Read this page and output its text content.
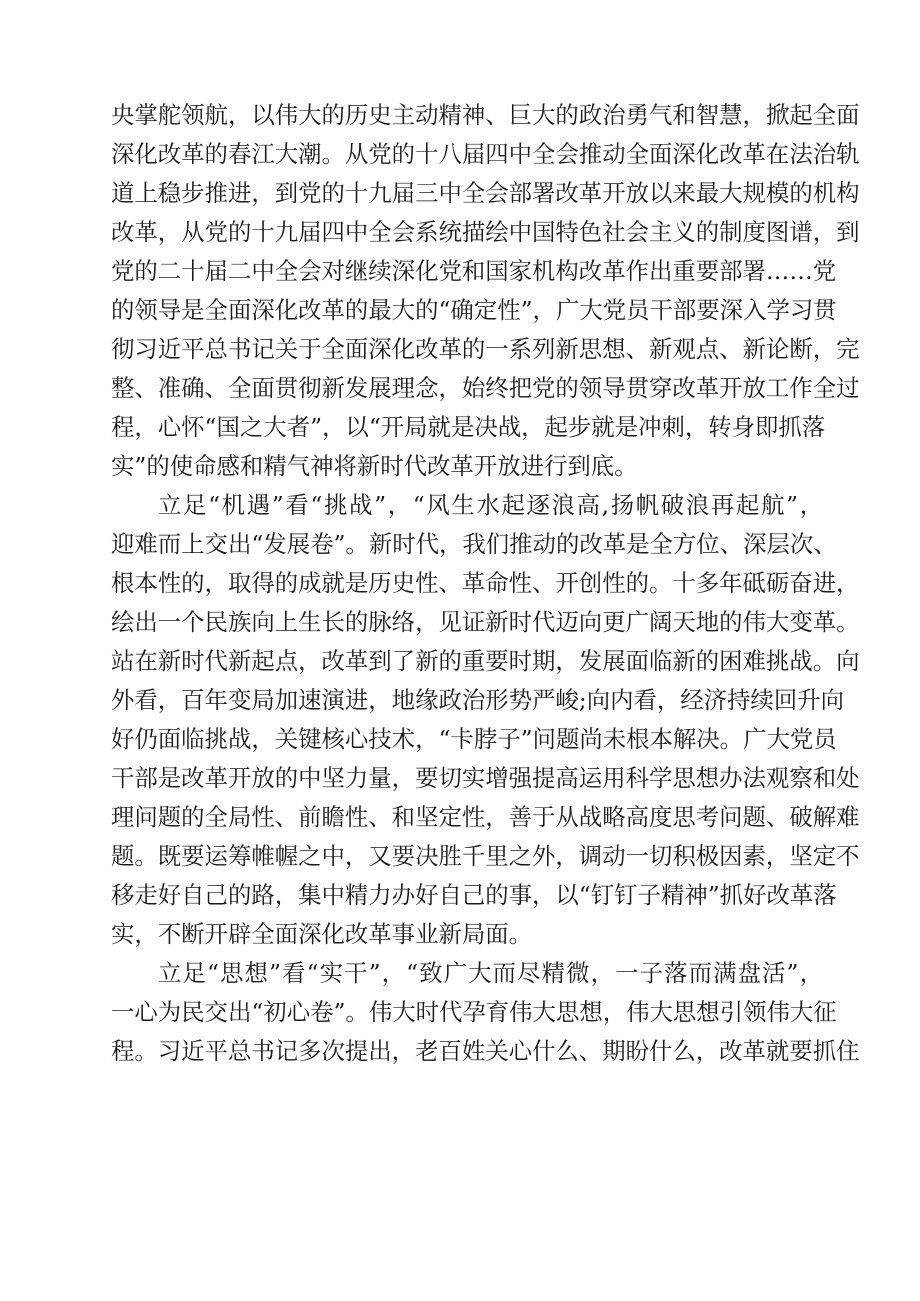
央掌舵领航，以伟大的历史主动精神、巨大的政治勇气和智慧，掀起全面
深化改革的春江大潮。从党的十八届四中全会推动全面深化改革在法治轨
道上稳步推进，到党的十九届三中全会部署改革开放以来最大规模的机构
改革，从党的十九届四中全会系统描绘中国特色社会主义的制度图谱，到
党的二十届二中全会对继续深化党和国家机构改革作出重要部署……党
的领导是全面深化改革的最大的“确定性”，广大党员干部要深入学习贯
彻习近平总书记关于全面深化改革的一系列新思想、新观点、新论断，完
整、准确、全面贯彻新发展理念，始终把党的领导贯穿改革开放工作全过
程，心怀“国之大者”，以“开局就是决战，起步就是冲刺，转身即抓落
实”的使命感和精气神将新时代改革开放进行到底。
立足“机遇”看“挑战”，“风生水起逐浪高,扬帆破浪再起航”，
迎难而上交出“发展卷”。新时代，我们推动的改革是全方位、深层次、
根本性的，取得的成就是历史性、革命性、开创性的。十多年砥砺奋进，
绘出一个民族向上生长的脉络，见证新时代迈向更广阔天地的伟大变革。
站在新时代新起点，改革到了新的重要时期，发展面临新的困难挑战。向
外看，百年变局加速演进，地缘政治形势严峻;向内看，经济持续回升向
好仍面临挑战，关键核心技术，“卡脖子”问题尚未根本解决。广大党员
干部是改革开放的中坚力量，要切实增强提高运用科学思想办法观察和处
理问题的全局性、前瞻性、和坚定性，善于从战略高度思考问题、破解难
题。既要运筹帷幄之中，又要决胜千里之外，调动一切积极因素，坚定不
移走好自己的路，集中精力办好自己的事，以“钉钉子精神”抓好改革落
实，不断开辟全面深化改革事业新局面。
立足“思想”看“实干”，“致广大而尽精微，一子落而满盘活”，
一心为民交出“初心卷”。伟大时代孕育伟大思想，伟大思想引领伟大征
程。习近平总书记多次提出，老百姓关心什么、期盼什么，改革就要抓住
